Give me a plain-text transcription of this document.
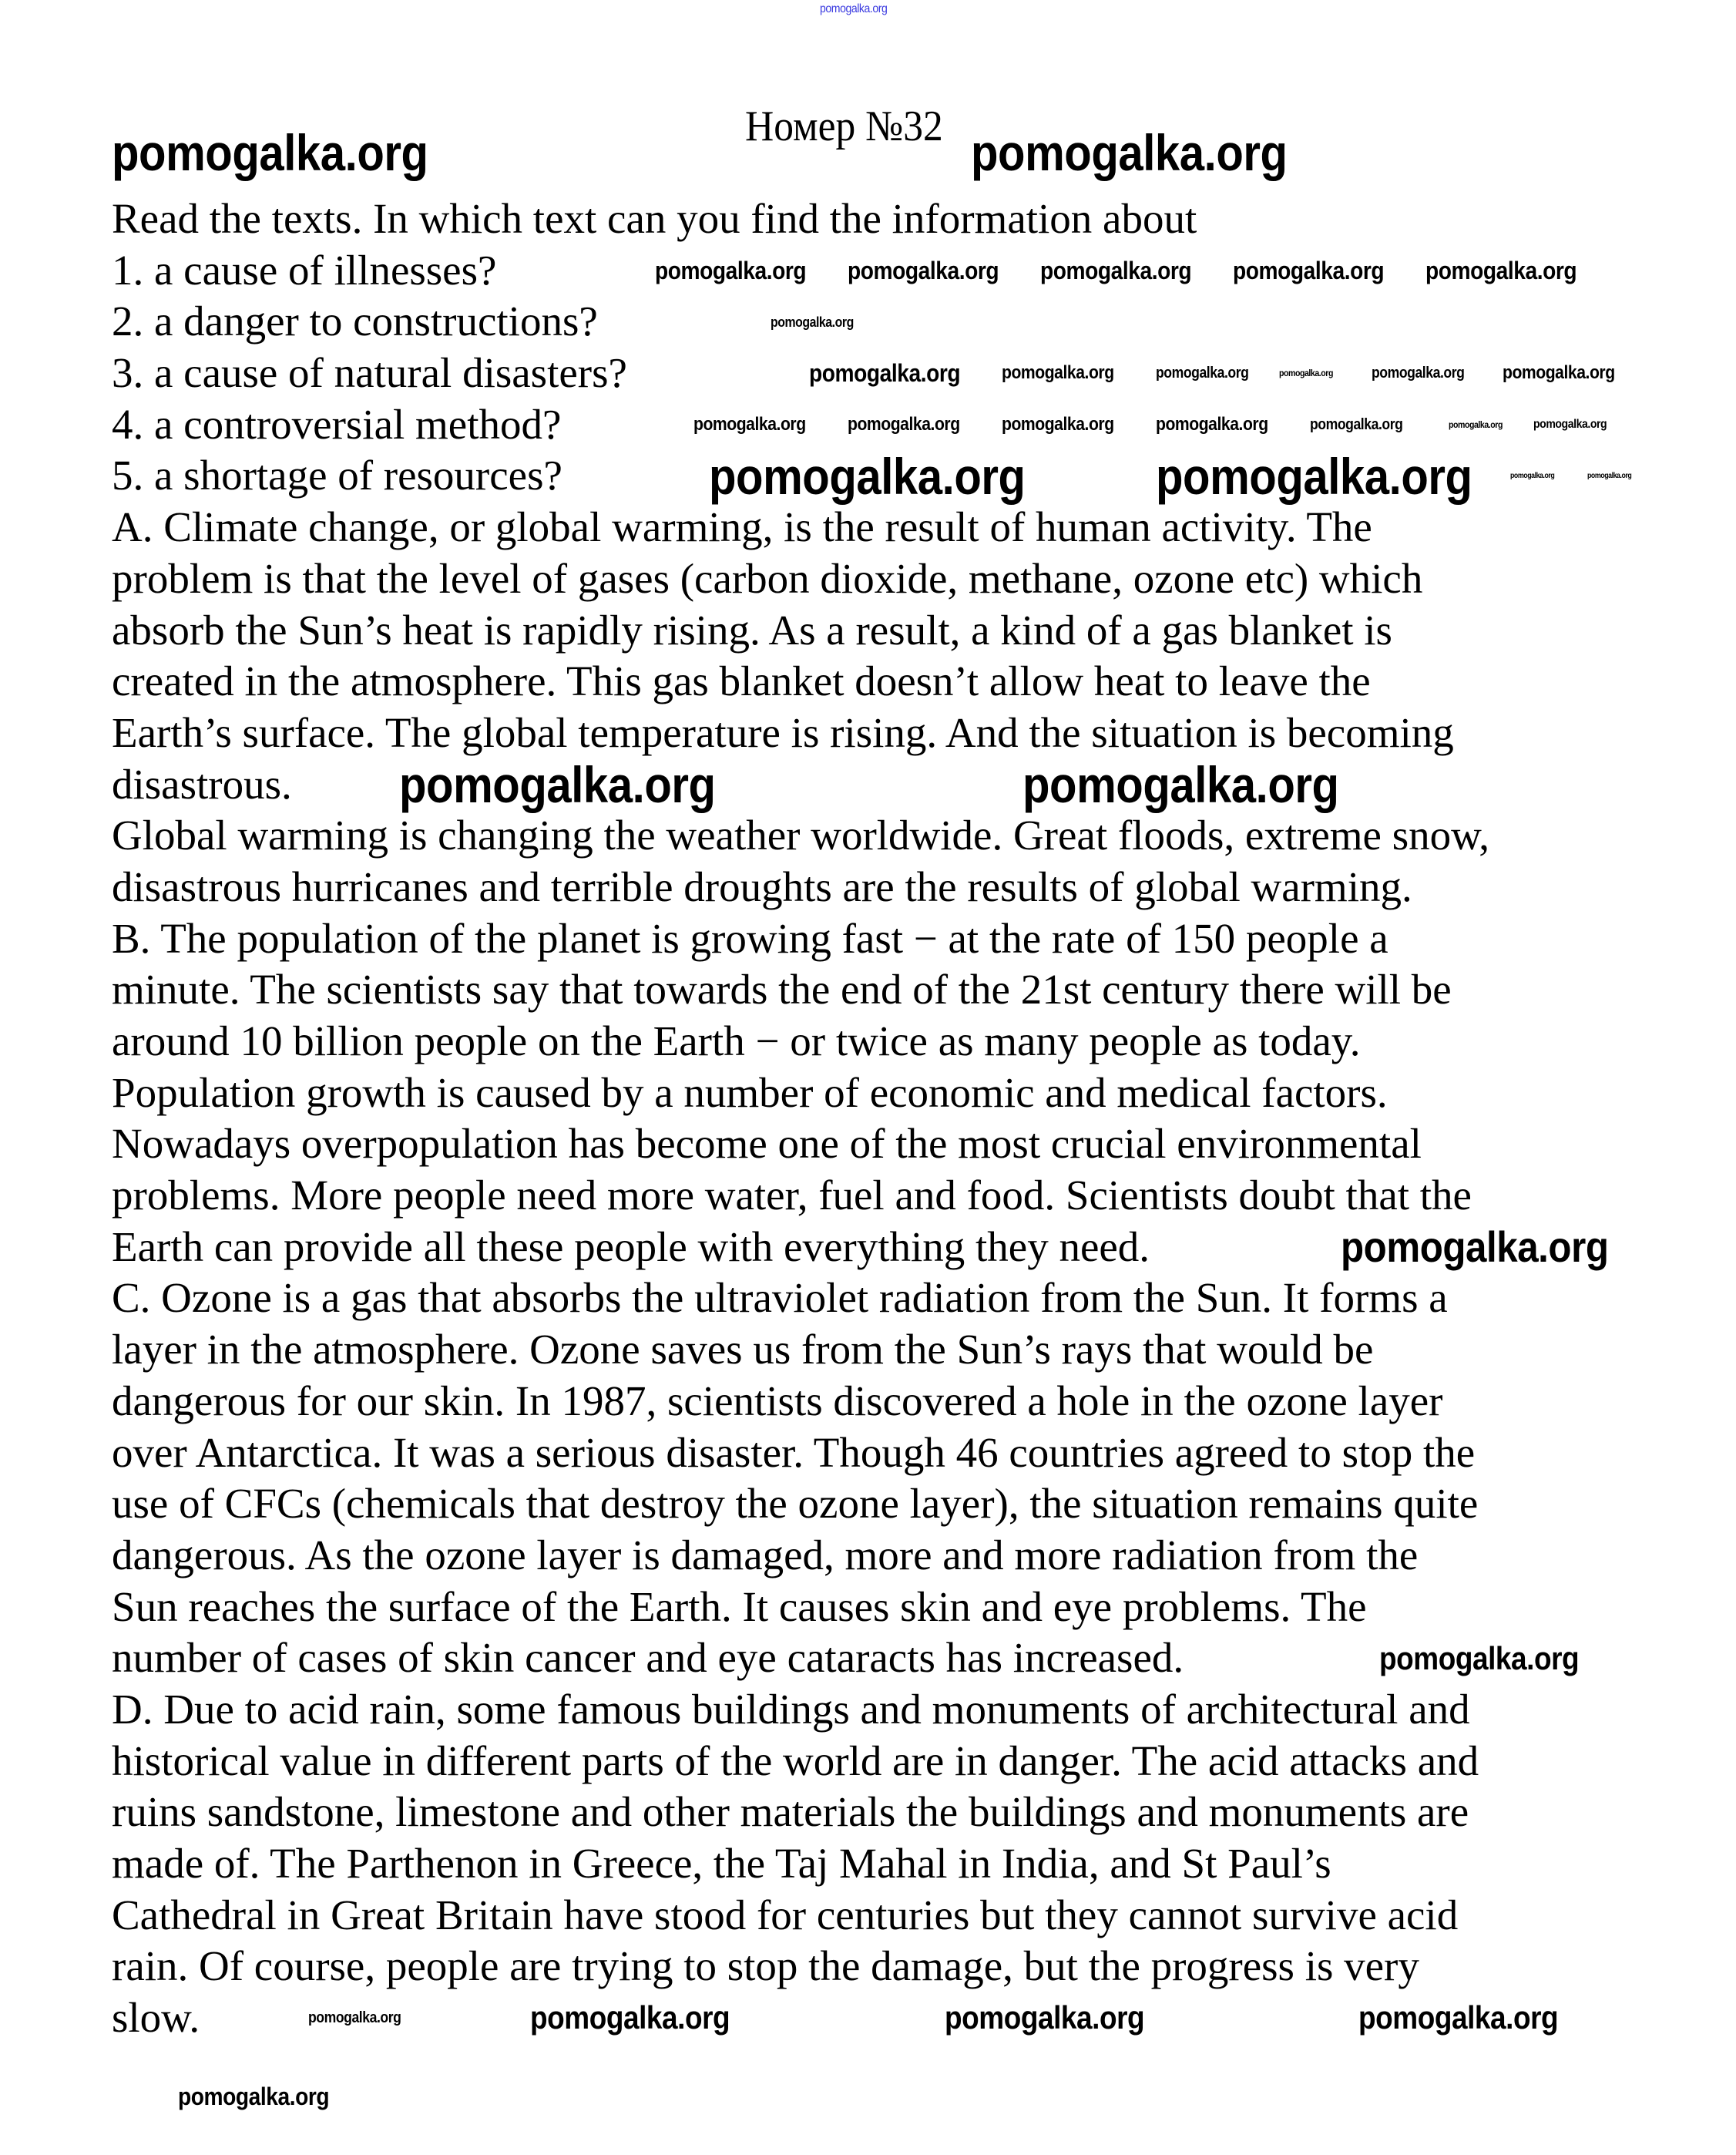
pomogalka.org
Номер №32
Read the texts. In which text can you find the information about
1. a cause of illnesses?
2. a danger to constructions?
3. a cause of natural disasters?
4. a controversial method?
5. a shortage of resources?
A. Climate change, or global warming, is the result of human activity. The
problem is that the level of gases (carbon dioxide, methane, ozone etc) which
absorb the Sun’s heat is rapidly rising. As a result, a kind of a gas blanket is
created in the atmosphere. This gas blanket doesn’t allow heat to leave the
Earth’s surface. The global temperature is rising. And the situation is becoming
disastrous.
Global warming is changing the weather worldwide. Great floods, extreme snow,
disastrous hurricanes and terrible droughts are the results of global warming.
B. The population of the planet is growing fast − at the rate of 150 people a
minute. The scientists say that towards the end of the 21st century there will be
around 10 billion people on the Earth − or twice as many people as today.
Population growth is caused by a number of economic and medical factors.
Nowadays overpopulation has become one of the most crucial environmental
problems. More people need more water, fuel and food. Scientists doubt that the
Earth can provide all these people with everything they need.
C. Ozone is a gas that absorbs the ultraviolet radiation from the Sun. It forms a
layer in the atmosphere. Ozone saves us from the Sun’s rays that would be
dangerous for our skin. In 1987, scientists discovered a hole in the ozone layer
over Antarctica. It was a serious disaster. Though 46 countries agreed to stop the
use of CFCs (chemicals that destroy the ozone layer), the situation remains quite
dangerous. As the ozone layer is damaged, more and more radiation from the
Sun reaches the surface of the Earth. It causes skin and eye problems. The
number of cases of skin cancer and eye cataracts has increased.
D. Due to acid rain, some famous buildings and monuments of architectural and
historical value in different parts of the world are in danger. The acid attacks and
ruins sandstone, limestone and other materials the buildings and monuments are
made of. The Parthenon in Greece, the Taj Mahal in India, and St Paul’s
Cathedral in Great Britain have stood for centuries but they cannot survive acid
rain. Of course, people are trying to stop the damage, but the progress is very
slow.
pomogalka.org	pomogalka.org
pomogalka.org pomogalka.org pomogalka.org pomogalka.org pomogalka.org
pomogalka.org
pomogalka.org pomogalka.org	pomogalka.org	pomogalka.org	pomogalka.org pomogalka.org
pomogalka.org pomogalka.org pomogalka.org pomogalka.org	pomogalka.org	pomogalka.org	pomogalka.org
pomogalka.org	pomogalka.org	pomogalka.org	pomogalka.org
pomogalka.org	pomogalka.org
pomogalka.org
pomogalka.org
pomogalka.org	pomogalka.org	pomogalka.org	pomogalka.org
pomogalka.org
